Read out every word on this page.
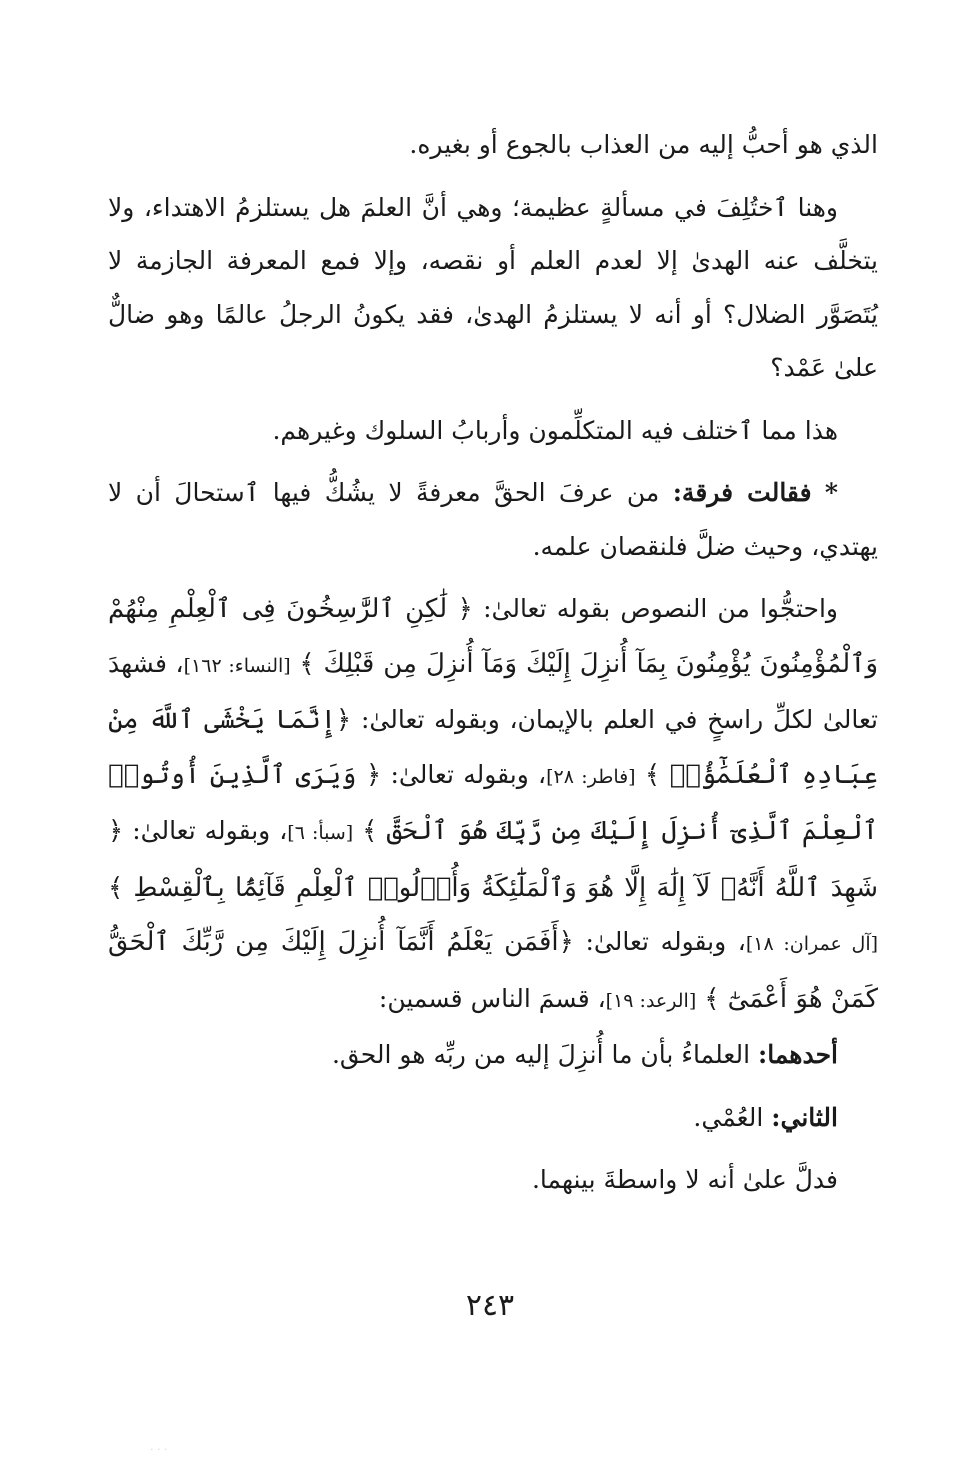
الذي هو أحبُّ إليه من العذاب بالجوع أو بغيره.

وهنا ٱختُلِفَ في مسألةٍ عظيمة؛ وهي أنَّ العلمَ هل يستلزمُ الاهتداء، ولا يتخلَّف عنه الهدىٰ إلا لعدم العلم أو نقصه، وإلا فمع المعرفة الجازمة لا يُتَصَوَّر الضلال؟ أو أنه لا يستلزمُ الهدىٰ، فقد يكونُ الرجلُ عالمًا وهو ضالٌّ علىٰ عَمْد؟

هذا مما ٱختلف فيه المتكلِّمون وأربابُ السلوك وغيرهم.

* فقالت فرقة: من عرفَ الحقَّ معرفةً لا يشُكُّ فيها ٱستحالَ أن لا يهتدي، وحيث ضلَّ فلنقصان علمه.

واحتجُّوا من النصوص بقوله تعالىٰ: ﴿ لَٰكِنِ ٱلرَّٰسِخُونَ فِى ٱلْعِلْمِ مِنْهُمْ وَٱلْمُؤْمِنُونَ يُؤْمِنُونَ بِمَآ أُنزِلَ إِلَيْكَ وَمَآ أُنزِلَ مِن قَبْلِكَ ﴾ [النساء: ١٦٢]، فشهدَ تعالىٰ لكلِّ راسخٍ في العلم بالإيمان، وبقوله تعالىٰ: ﴿إِنَّمَا يَخْشَى ٱللَّهَ مِنْ عِبَادِهِ ٱلْعُلَمَٰٓؤُا۟ ﴾ [فاطر: ٢٨]، وبقوله تعالىٰ: ﴿ وَيَرَى ٱلَّذِينَ أُوتُوا۟ ٱلْعِلْمَ ٱلَّذِىٓ أُنزِلَ إِلَيْكَ مِن رَّبِّكَ هُوَ ٱلْحَقَّ ﴾ [سبأ: ٦]، وبقوله تعالىٰ: ﴿ شَهِدَ ٱللَّهُ أَنَّهُۥ لَآ إِلَٰهَ إِلَّا هُوَ وَٱلْمَلَٰٓئِكَةُ وَأُو۟لُوا۟ ٱلْعِلْمِ قَآئِمًۢا بِٱلْقِسْطِ ﴾ [آل عمران: ١٨]، وبقوله تعالىٰ: ﴿أَفَمَن يَعْلَمُ أَنَّمَآ أُنزِلَ إِلَيْكَ مِن رَّبِّكَ ٱلْحَقُّ كَمَنْ هُوَ أَعْمَىٰٓ ﴾ [الرعد: ١٩]، قسمَ الناس قسمين:

أحدهما: العلماءُ بأن ما أُنزِلَ إليه من ربِّه هو الحق.

الثاني: العُمْي.

فدلَّ علىٰ أنه لا واسطةَ بينهما.

٢٤٣
· · ·
